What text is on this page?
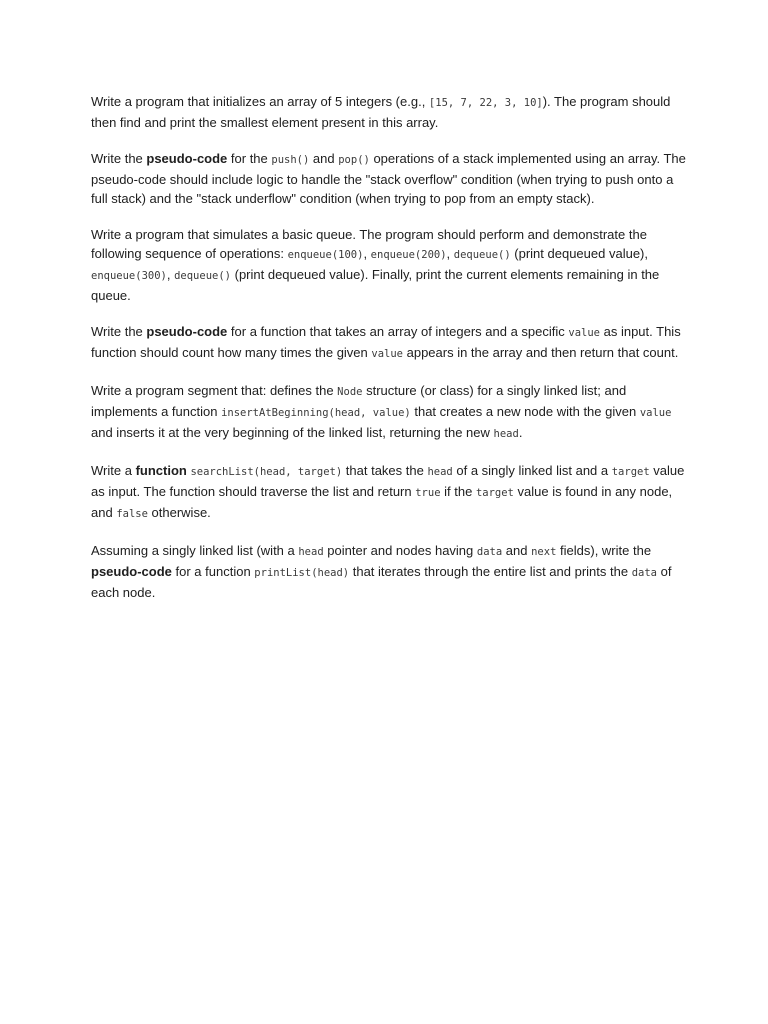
Write a program that initializes an array of 5 integers (e.g., [15, 7, 22, 3, 10]). The program should then find and print the smallest element present in this array.

Write the pseudo-code for the push() and pop() operations of a stack implemented using an array. The pseudo-code should include logic to handle the "stack overflow" condition (when trying to push onto a full stack) and the "stack underflow" condition (when trying to pop from an empty stack).

Write a program that simulates a basic queue. The program should perform and demonstrate the following sequence of operations: enqueue(100), enqueue(200), dequeue() (print dequeued value), enqueue(300), dequeue() (print dequeued value). Finally, print the current elements remaining in the queue.

Write the pseudo-code for a function that takes an array of integers and a specific value as input. This function should count how many times the given value appears in the array and then return that count.

Write a program segment that: defines the Node structure (or class) for a singly linked list; and implements a function insertAtBeginning(head, value) that creates a new node with the given value and inserts it at the very beginning of the linked list, returning the new head.

Write a function searchList(head, target) that takes the head of a singly linked list and a target value as input. The function should traverse the list and return true if the target value is found in any node, and false otherwise.

Assuming a singly linked list (with a head pointer and nodes having data and next fields), write the pseudo-code for a function printList(head) that iterates through the entire list and prints the data of each node.
